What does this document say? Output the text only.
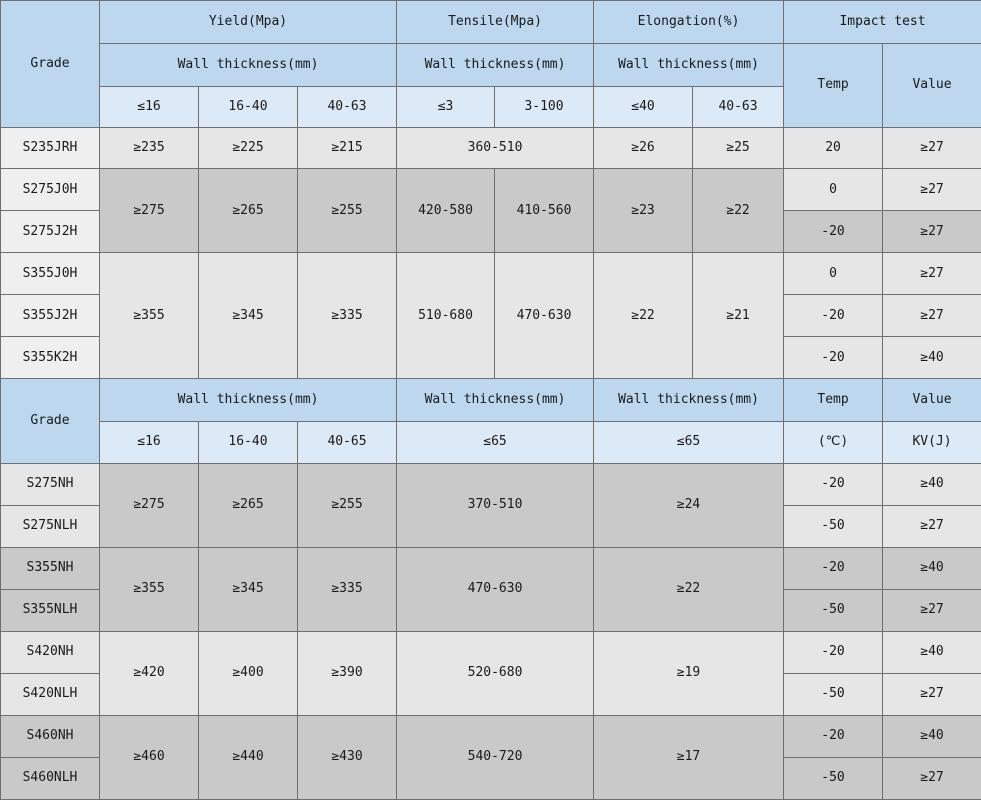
Grade	Yield(Mpa)			Tensile(Mpa)		Elongation(%)		Impact test	
	Wall thickness(mm)			Wall thickness(mm)		Wall thickness(mm)		Temp	Value
	≤16	16-40	40-63	≤3	3-100	≤40	40-63		
S235JRH	≥235	≥225	≥215	360-510		≥26	≥25	20	≥27
S275J0H	≥275	≥265	≥255	420-580	410-560	≥23	≥22	0	≥27
S275J2H								-20	≥27
S355J0H	≥355	≥345	≥335	510-680	470-630	≥22	≥21	0	≥27
S355J2H								-20	≥27
S355K2H								-20	≥40
Grade	Wall thickness(mm)			Wall thickness(mm)		Wall thickness(mm)		Temp	Value
	≤16	16-40	40-65	≤65		≤65		(℃)	KV(J)
S275NH	≥275	≥265	≥255	370-510		≥24		-20	≥40
S275NLH								-50	≥27
S355NH	≥355	≥345	≥335	470-630		≥22		-20	≥40
S355NLH								-50	≥27
S420NH	≥420	≥400	≥390	520-680		≥19		-20	≥40
S420NLH								-50	≥27
S460NH	≥460	≥440	≥430	540-720		≥17		-20	≥40
S460NLH								-50	≥27
